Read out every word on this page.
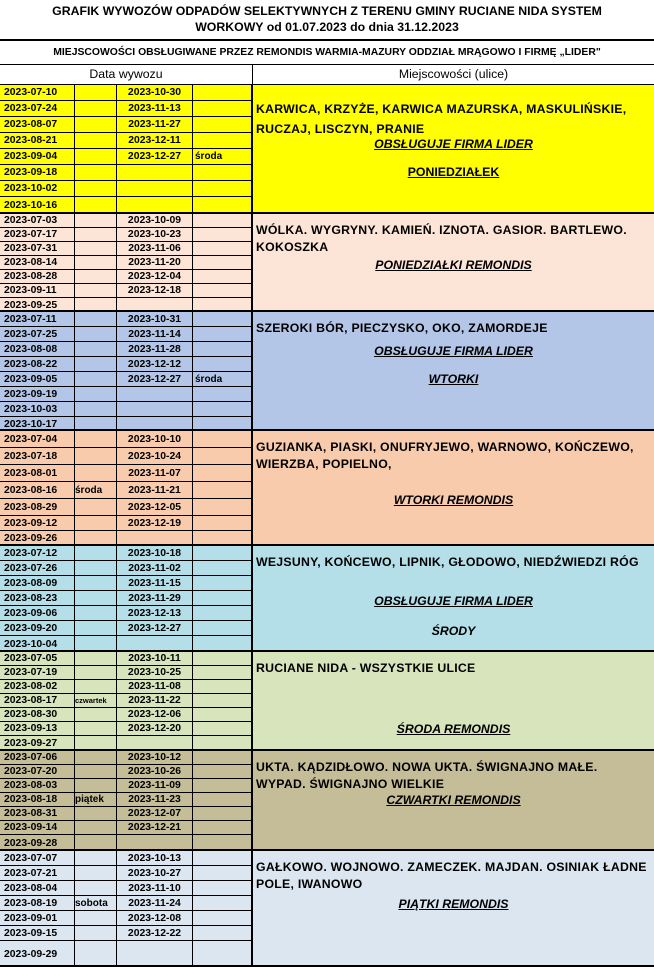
GRAFIK WYWOZÓW ODPADÓW SELEKTYWNYCH Z TERENU GMINY RUCIANE NIDA SYSTEM
WORKOWY od 01.07.2023 do dnia 31.12.2023
MIEJSCOWOŚCI OBSŁUGIWANE PRZEZ REMONDIS WARMIA-MAZURY ODDZIAŁ MRĄGOWO I FIRMĘ „LIDER"
Data wywozu	Miejscowości (ulice)
2023-07-10	2023-10-30
2023-07-24	2023-11-13
2023-08-07	2023-11-27
2023-08-21	2023-12-11
2023-09-04	2023-12-27 środa
2023-09-18
2023-10-02
2023-10-16
KARWICA, KRZYŻE, KARWICA MAZURSKA, MASKULIŃSKIE, RUCZAJ, LISCZYN, PRANIE
OBSŁUGUJE FIRMA LIDER
PONIEDZIAŁEK
2023-07-03	2023-10-09
2023-07-17	2023-10-23
2023-07-31	2023-11-06
2023-08-14	2023-11-20
2023-08-28	2023-12-04
2023-09-11	2023-12-18
2023-09-25
WÓLKA. WYGRYNY. KAMIEŃ. IZNOTA. GASIOR. BARTLEWO. KOKOSZKA
PONIEDZIAŁKI REMONDIS
2023-07-11	2023-10-31
2023-07-25	2023-11-14
2023-08-08	2023-11-28
2023-08-22	2023-12-12
2023-09-05	2023-12-27 środa
2023-09-19
2023-10-03
2023-10-17
SZEROKI BÓR, PIECZYSKO, OKO, ZAMORDEJE
OBSŁUGUJE FIRMA LIDER
WTORKI
2023-07-04	2023-10-10
2023-07-18	2023-10-24
2023-08-01	2023-11-07
2023-08-16 środa 2023-11-21
2023-08-29	2023-12-05
2023-09-12	2023-12-19
2023-09-26
GUZIANKA, PIASKI, ONUFRYJEWO, WARNOWO, KOŃCZEWO, WIERZBA, POPIELNO,
WTORKI REMONDIS
2023-07-12	2023-10-18
2023-07-26	2023-11-02
2023-08-09	2023-11-15
2023-08-23	2023-11-29
2023-09-06	2023-12-13
2023-09-20	2023-12-27
2023-10-04
WEJSUNY, KOŃCEWO, LIPNIK, GŁODOWO, NIEDŹWIEDZI RÓG
OBSŁUGUJE FIRMA LIDER
ŚRODY
2023-07-05	2023-10-11
2023-07-19	2023-10-25
2023-08-02	2023-11-08
2023-08-17 czwartek 2023-11-22
2023-08-30	2023-12-06
2023-09-13	2023-12-20
2023-09-27
RUCIANE NIDA - WSZYSTKIE ULICE
ŚRODA REMONDIS
2023-07-06	2023-10-12
2023-07-20	2023-10-26
2023-08-03	2023-11-09
2023-08-18 piątek 2023-11-23
2023-08-31	2023-12-07
2023-09-14	2023-12-21
2023-09-28
UKTA. KĄDZIDŁOWO. NOWA UKTA. ŚWIGNAJNO MAŁE. WYPAD. ŚWIGNAJNO WIELKIE
CZWARTKI REMONDIS
2023-07-07	2023-10-13
2023-07-21	2023-10-27
2023-08-04	2023-11-10
2023-08-19 sobota 2023-11-24
2023-09-01	2023-12-08
2023-09-15	2023-12-22
2023-09-29
GAŁKOWO. WOJNOWO. ZAMECZEK. MAJDAN. OSINIAK ŁADNE POLE, IWANOWO
PIĄTKI REMONDIS
